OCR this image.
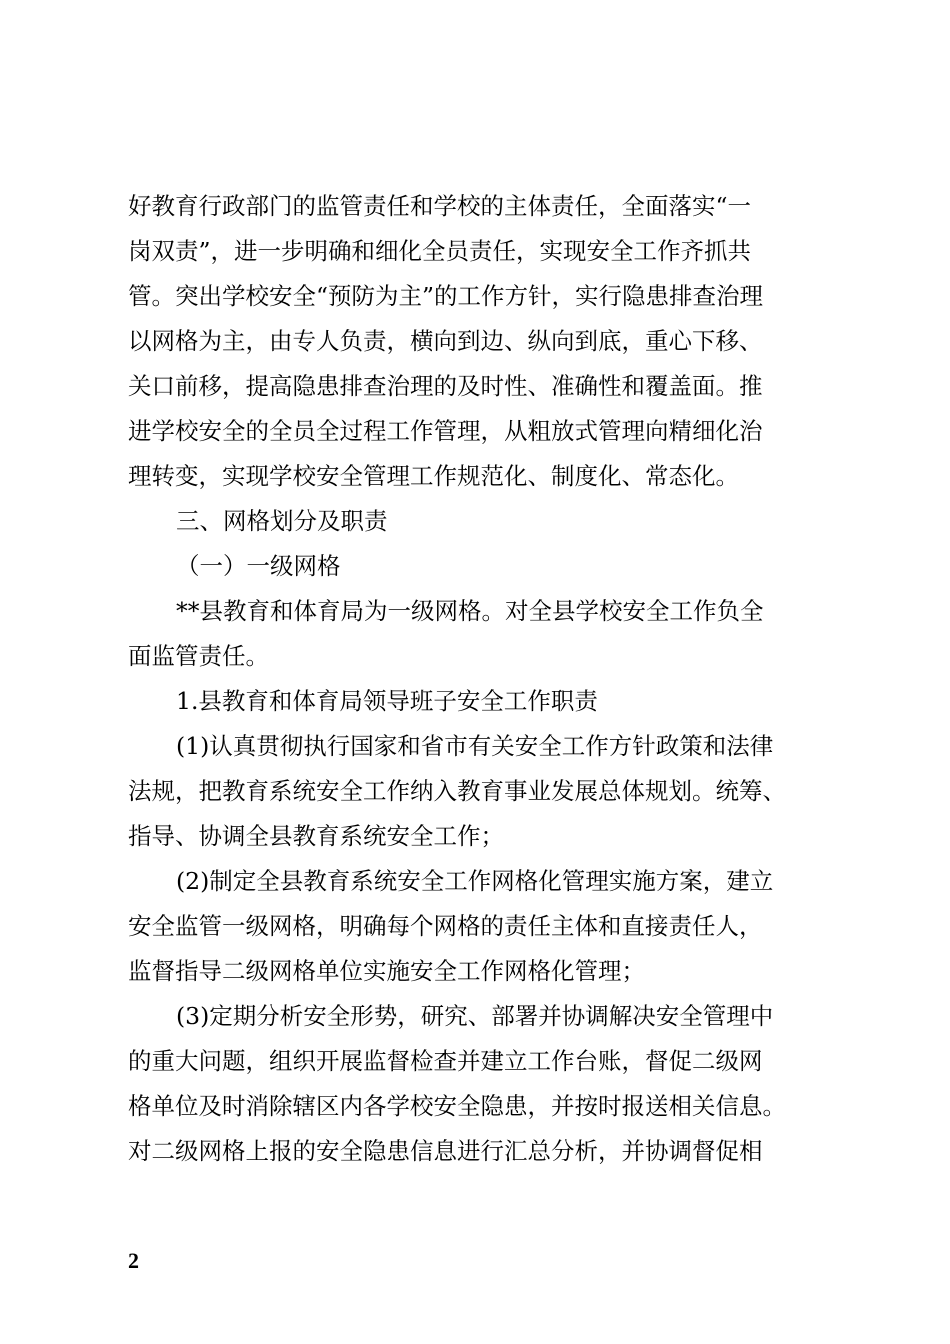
好教育行政部门的监管责任和学校的主体责任，全面落实“一
岗双责”，进一步明确和细化全员责任，实现安全工作齐抓共
管。突出学校安全“预防为主”的工作方针，实行隐患排查治理
以网格为主，由专人负责，横向到边、纵向到底，重心下移、
关口前移，提高隐患排查治理的及时性、准确性和覆盖面。推
进学校安全的全员全过程工作管理，从粗放式管理向精细化治
理转变，实现学校安全管理工作规范化、制度化、常态化。
三、网格划分及职责
（一）一级网格
**县教育和体育局为一级网格。对全县学校安全工作负全
面监管责任。
1.县教育和体育局领导班子安全工作职责
(1)认真贯彻执行国家和省市有关安全工作方针政策和法律
法规，把教育系统安全工作纳入教育事业发展总体规划。统筹、
指导、协调全县教育系统安全工作；
(2)制定全县教育系统安全工作网格化管理实施方案，建立
安全监管一级网格，明确每个网格的责任主体和直接责任人，
监督指导二级网格单位实施安全工作网格化管理；
(3)定期分析安全形势，研究、部署并协调解决安全管理中
的重大问题，组织开展监督检查并建立工作台账，督促二级网
格单位及时消除辖区内各学校安全隐患，并按时报送相关信息。
对二级网格上报的安全隐患信息进行汇总分析，并协调督促相
2
